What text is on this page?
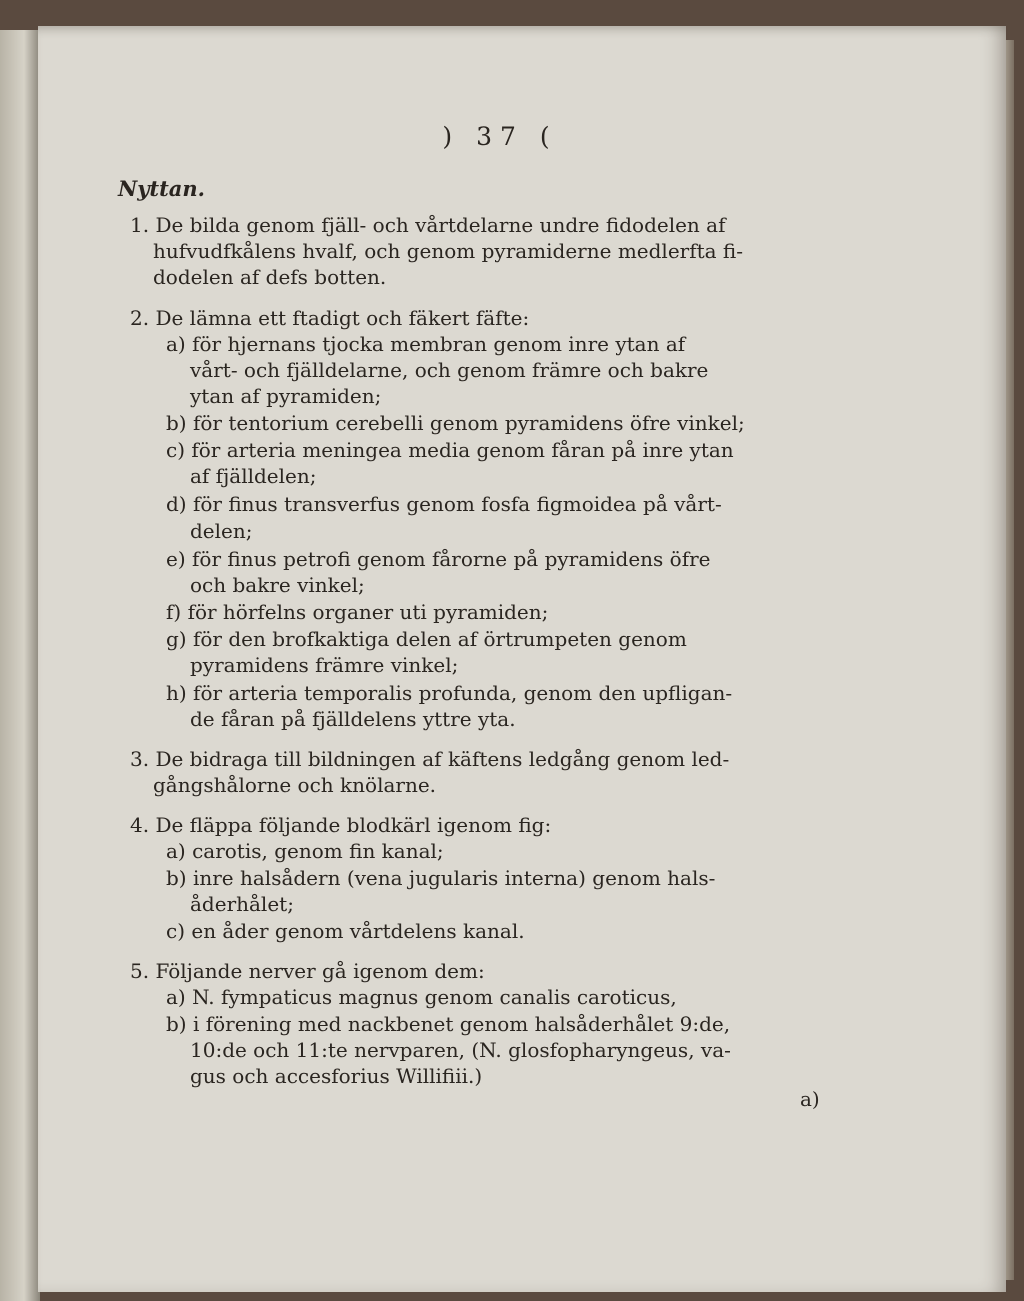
) 37 (
Nyttan.
1. De bilda genom fjäll- och vårtdelarne undre fidodelen af
hufvudfkålens hvalf, och genom pyramiderne medlerfta fi-
dodelen af defs botten.
2. De lämna ett ftadigt och fäkert fäfte:
a) för hjernans tjocka membran genom inre ytan af
vårt- och fjälldelarne, och genom främre och bakre
ytan af pyramiden;
b) för tentorium cerebelli genom pyramidens öfre vinkel;
c) för arteria meningea media genom fåran på inre ytan
af fjälldelen;
d) för finus transverfus genom fosfa figmoidea på vårt-
delen;
e) för finus petrofi genom fårorne på pyramidens öfre
och bakre vinkel;
f) för hörfelns organer uti pyramiden;
g) för den brofkaktiga delen af örtrumpeten genom
pyramidens främre vinkel;
h) för arteria temporalis profunda, genom den upfligan-
de fåran på fjälldelens yttre yta.
3. De bidraga till bildningen af käftens ledgång genom led-
gångshålorne och knölarne.
4. De fläppa följande blodkärl igenom fig:
a) carotis, genom fin kanal;
b) inre halsådern (vena jugularis interna) genom hals-
åderhålet;
c) en åder genom vårtdelens kanal.
5. Följande nerver gå igenom dem:
a) N. fympaticus magnus genom canalis caroticus,
b) i förening med nackbenet genom halsåderhålet 9:de,
10:de och 11:te nervparen, (N. glosfopharyngeus, va-
gus och accesforius Willifiii.)
a)
